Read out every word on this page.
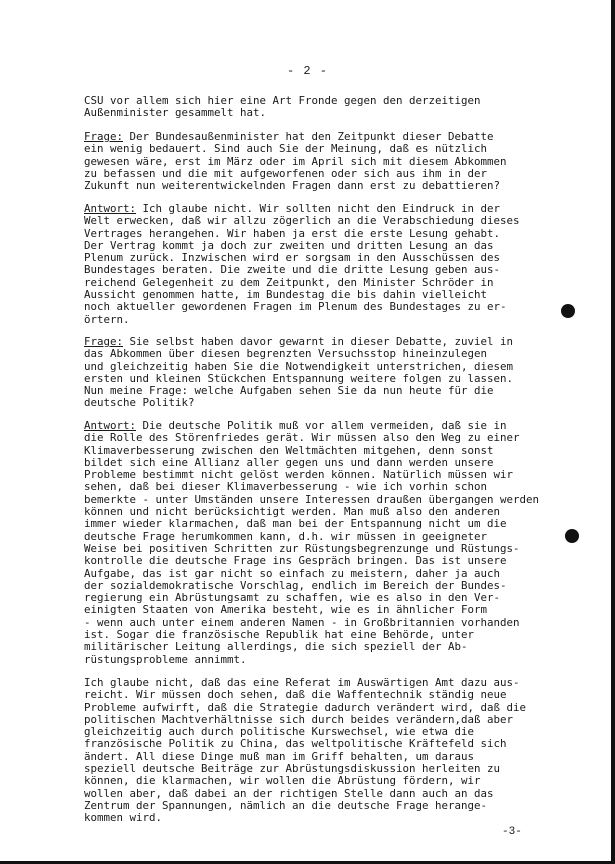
- 2 -
CSU vor allem sich hier eine Art Fronde gegen den derzeitigen
Außenminister gesammelt hat.
Frage: Der Bundesaußenminister hat den Zeitpunkt dieser Debatte
ein wenig bedauert. Sind auch Sie der Meinung, daß es nützlich
gewesen wäre, erst im März oder im April sich mit diesem Abkommen
zu befassen und die mit aufgeworfenen oder sich aus ihm in der
Zukunft nun weiterentwickelnden Fragen dann erst zu debattieren?
Antwort: Ich glaube nicht. Wir sollten nicht den Eindruck in der
Welt erwecken, daß wir allzu zögerlich an die Verabschiedung dieses
Vertrages herangehen. Wir haben ja erst die erste Lesung gehabt.
Der Vertrag kommt ja doch zur zweiten und dritten Lesung an das
Plenum zurück. Inzwischen wird er sorgsam in den Ausschüssen des
Bundestages beraten. Die zweite und die dritte Lesung geben aus-
reichend Gelegenheit zu dem Zeitpunkt, den Minister Schröder in
Aussicht genommen hatte, im Bundestag die bis dahin vielleicht
noch aktueller gewordenen Fragen im Plenum des Bundestages zu er-
örtern.
Frage: Sie selbst haben davor gewarnt in dieser Debatte, zuviel in
das Abkommen über diesen begrenzten Versuchsstop hineinzulegen
und gleichzeitig haben Sie die Notwendigkeit unterstrichen, diesem
ersten und kleinen Stückchen Entspannung weitere folgen zu lassen.
Nun meine Frage: welche Aufgaben sehen Sie da nun heute für die
deutsche Politik?
Antwort: Die deutsche Politik muß vor allem vermeiden, daß sie in
die Rolle des Störenfriedes gerät. Wir müssen also den Weg zu einer
Klimaverbesserung zwischen den Weltmächten mitgehen, denn sonst
bildet sich eine Allianz aller gegen uns und dann werden unsere
Probleme bestimmt nicht gelöst werden können. Natürlich müssen wir
sehen, daß bei dieser Klimaverbesserung - wie ich vorhin schon
bemerkte - unter Umständen unsere Interessen draußen übergangen werden
können und nicht berücksichtigt werden. Man muß also den anderen
immer wieder klarmachen, daß man bei der Entspannung nicht um die
deutsche Frage herumkommen kann, d.h. wir müssen in geeigneter
Weise bei positiven Schritten zur Rüstungsbegrenzunge und Rüstungs-
kontrolle die deutsche Frage ins Gespräch bringen. Das ist unsere
Aufgabe, das ist gar nicht so einfach zu meistern, daher ja auch
der sozialdemokratische Vorschlag, endlich im Bereich der Bundes-
regierung ein Abrüstungsamt zu schaffen, wie es also in den Ver-
einigten Staaten von Amerika besteht, wie es in ähnlicher Form
- wenn auch unter einem anderen Namen - in Großbritannien vorhanden
ist. Sogar die französische Republik hat eine Behörde, unter
militärischer Leitung allerdings, die sich speziell der Ab-
rüstungsprobleme annimmt.
Ich glaube nicht, daß das eine Referat im Auswärtigen Amt dazu aus-
reicht. Wir müssen doch sehen, daß die Waffentechnik ständig neue
Probleme aufwirft, daß die Strategie dadurch verändert wird, daß die
politischen Machtverhältnisse sich durch beides verändern,daß aber
gleichzeitig auch durch politische Kurswechsel, wie etwa die
französische Politik zu China, das weltpolitische Kräftefeld sich
ändert. All diese Dinge muß man im Griff behalten, um daraus
speziell deutsche Beiträge zur Abrüstungsdiskussion herleiten zu
können, die klarmachen, wir wollen die Abrüstung fördern, wir
wollen aber, daß dabei an der richtigen Stelle dann auch an das
Zentrum der Spannungen, nämlich an die deutsche Frage herange-
kommen wird.
-3-
